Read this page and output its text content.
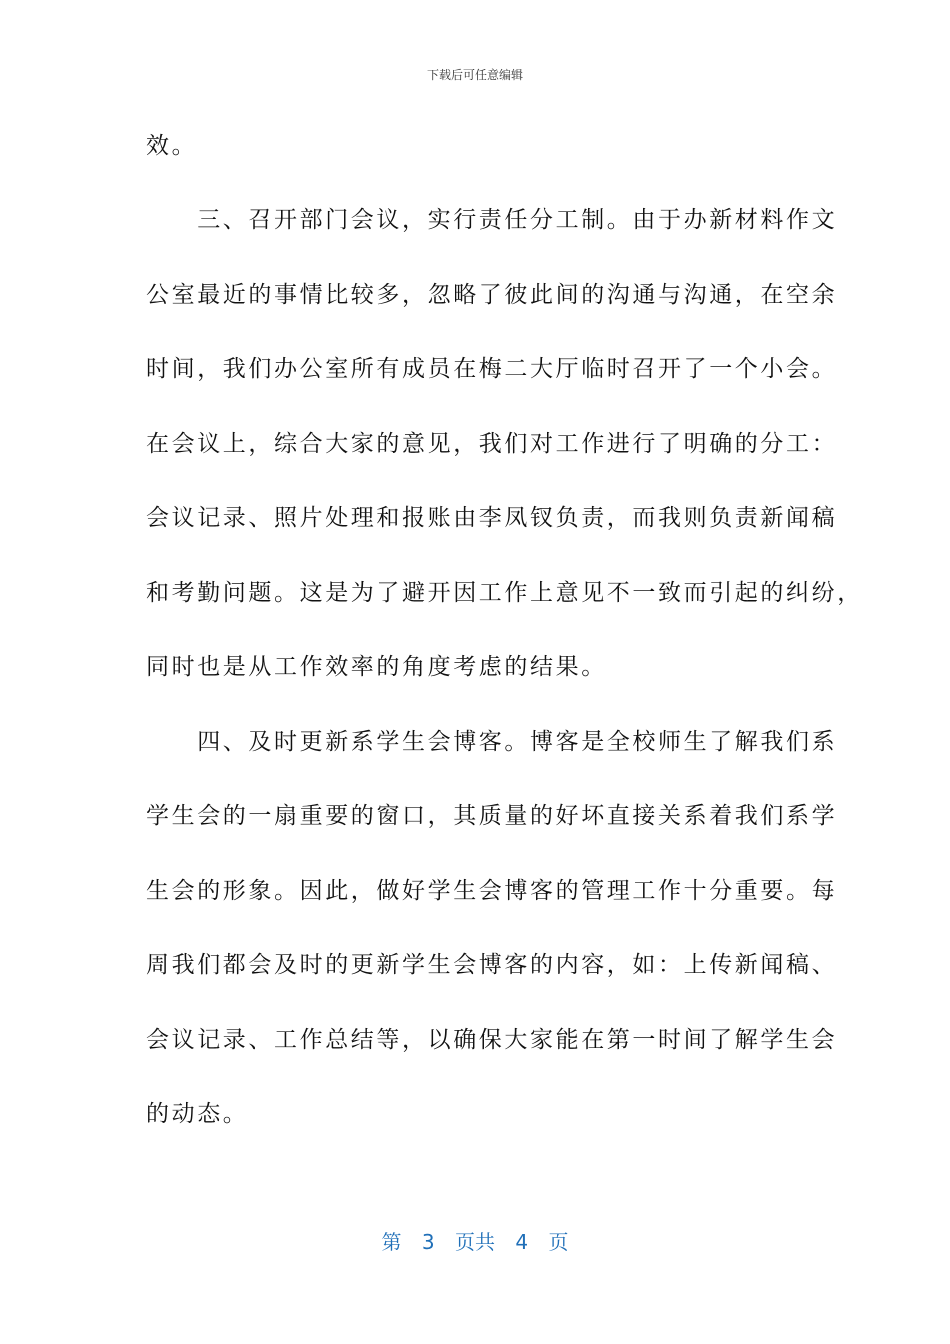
下载后可任意编辑
效。
　　三、召开部门会议，实行责任分工制。由于办新材料作文
公室最近的事情比较多，忽略了彼此间的沟通与沟通，在空余
时间，我们办公室所有成员在梅二大厅临时召开了一个小会。
在会议上，综合大家的意见，我们对工作进行了明确的分工：
会议记录、照片处理和报账由李凤钗负责，而我则负责新闻稿
和考勤问题。这是为了避开因工作上意见不一致而引起的纠纷，
同时也是从工作效率的角度考虑的结果。
　　四、及时更新系学生会博客。博客是全校师生了解我们系
学生会的一扇重要的窗口，其质量的好坏直接关系着我们系学
生会的形象。因此，做好学生会博客的管理工作十分重要。每
周我们都会及时的更新学生会博客的内容，如：上传新闻稿、
会议记录、工作总结等，以确保大家能在第一时间了解学生会
的动态。
第 3 页共 4 页
